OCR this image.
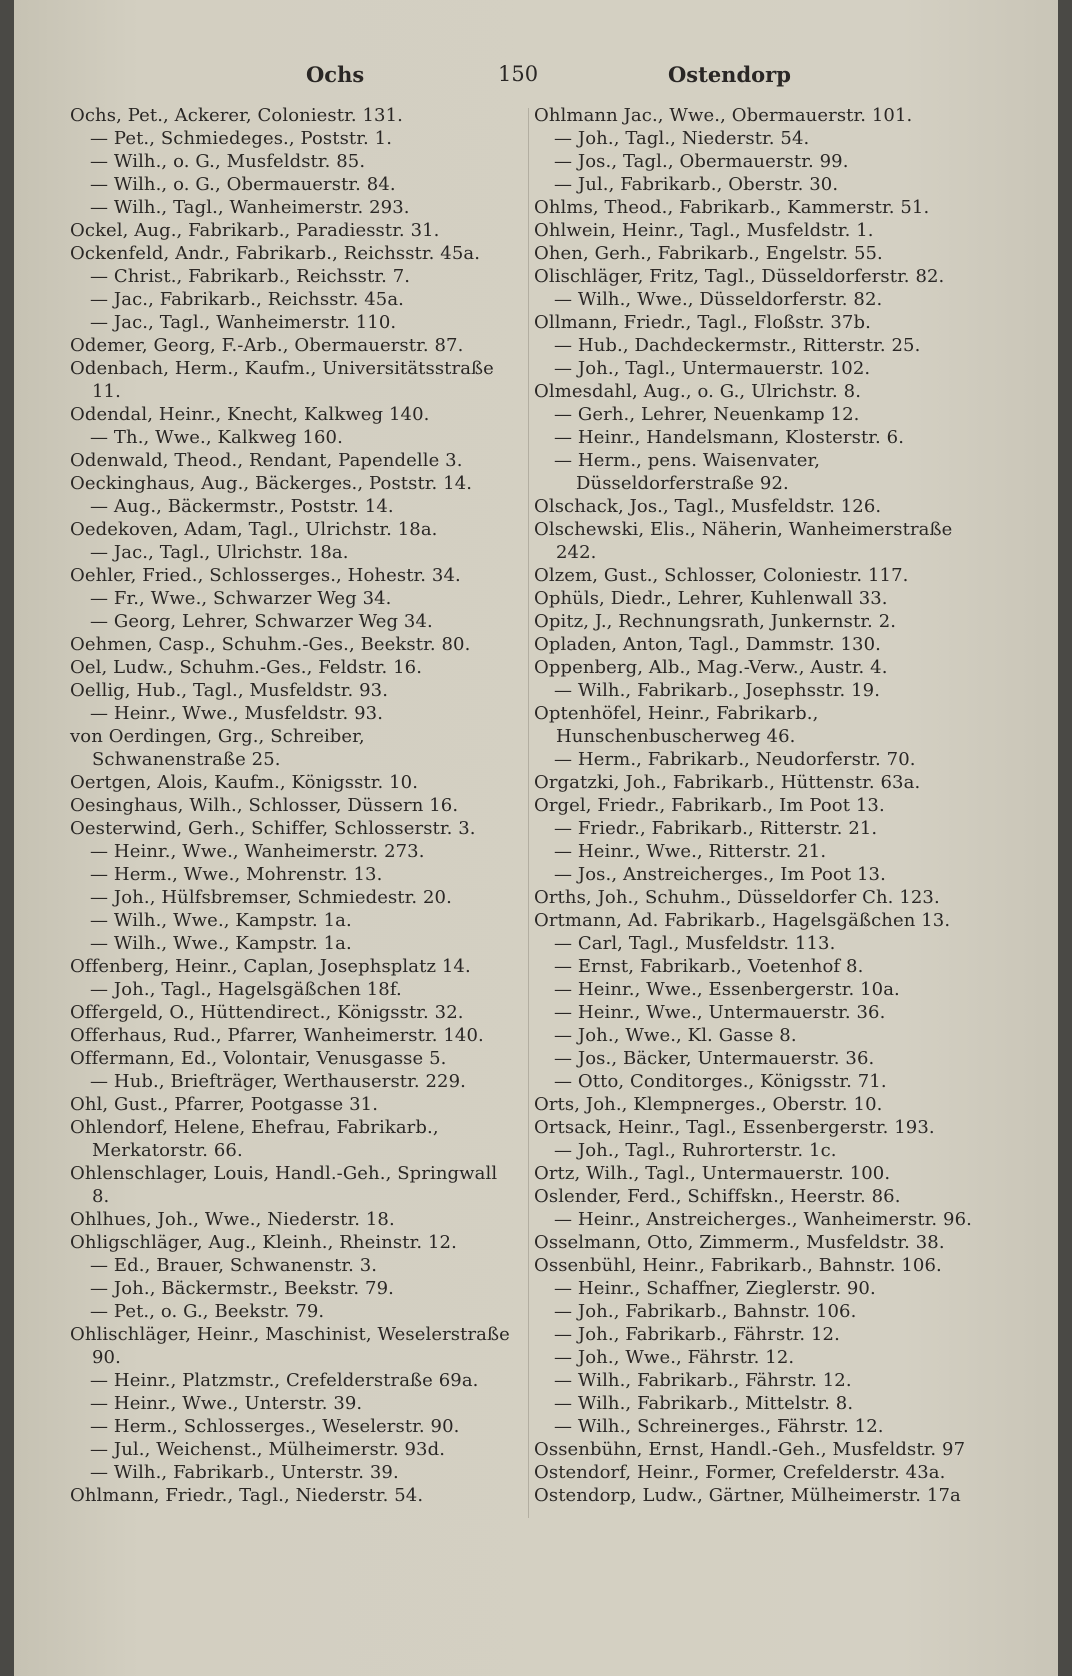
Ochs	150	Ostendorp
Ochs, Pet., Ackerer, Coloniestr. 131.
— Pet., Schmiedeges., Poststr. 1.
— Wilh., o. G., Musfeldstr. 85.
— Wilh., o. G., Obermauerstr. 84.
— Wilh., Tagl., Wanheimerstr. 293.
Ockel, Aug., Fabrikarb., Paradiesstr. 31.
Ockenfeld, Andr., Fabrikarb., Reichsstr. 45a.
— Christ., Fabrikarb., Reichsstr. 7.
— Jac., Fabrikarb., Reichsstr. 45a.
— Jac., Tagl., Wanheimerstr. 110.
Odemer, Georg, F.-Arb., Obermauerstr. 87.
Odenbach, Herm., Kaufm., Universitätsstraße 11.
Odendal, Heinr., Knecht, Kalkweg 140.
— Th., Wwe., Kalkweg 160.
Odenwald, Theod., Rendant, Papendelle 3.
Oeckinghaus, Aug., Bäckerges., Poststr. 14.
— Aug., Bäckermstr., Poststr. 14.
Oedekoven, Adam, Tagl., Ulrichstr. 18a.
— Jac., Tagl., Ulrichstr. 18a.
Oehler, Fried., Schlosserges., Hohestr. 34.
— Fr., Wwe., Schwarzer Weg 34.
— Georg, Lehrer, Schwarzer Weg 34.
Oehmen, Casp., Schuhm.-Ges., Beekstr. 80.
Oel, Ludw., Schuhm.-Ges., Feldstr. 16.
Oellig, Hub., Tagl., Musfeldstr. 93.
— Heinr., Wwe., Musfeldstr. 93.
von Oerdingen, Grg., Schreiber, Schwanenstraße 25.
Oertgen, Alois, Kaufm., Königsstr. 10.
Oesinghaus, Wilh., Schlosser, Düssern 16.
Oesterwind, Gerh., Schiffer, Schlosserstr. 3.
— Heinr., Wwe., Wanheimerstr. 273.
— Herm., Wwe., Mohrenstr. 13.
— Joh., Hülfsbremser, Schmiedestr. 20.
— Wilh., Wwe., Kampstr. 1a.
— Wilh., Wwe., Kampstr. 1a.
Offenberg, Heinr., Caplan, Josephsplatz 14.
— Joh., Tagl., Hagelsgäßchen 18f.
Offergeld, O., Hüttendirect., Königsstr. 32.
Offerhaus, Rud., Pfarrer, Wanheimerstr. 140.
Offermann, Ed., Volontair, Venusgasse 5.
— Hub., Briefträger, Werthauserstr. 229.
Ohl, Gust., Pfarrer, Pootgasse 31.
Ohlendorf, Helene, Ehefrau, Fabrikarb., Merkatorstr. 66.
Ohlenschlager, Louis, Handl.-Geh., Springwall 8.
Ohlhues, Joh., Wwe., Niederstr. 18.
Ohligschläger, Aug., Kleinh., Rheinstr. 12.
— Ed., Brauer, Schwanenstr. 3.
— Joh., Bäckermstr., Beekstr. 79.
— Pet., o. G., Beekstr. 79.
Ohlischläger, Heinr., Maschinist, Weselerstraße 90.
— Heinr., Platzmstr., Crefelderstraße 69a.
— Heinr., Wwe., Unterstr. 39.
— Herm., Schlosserges., Weselerstr. 90.
— Jul., Weichenst., Mülheimerstr. 93d.
— Wilh., Fabrikarb., Unterstr. 39.
Ohlmann, Friedr., Tagl., Niederstr. 54.
Ohlmann Jac., Wwe., Obermauerstr. 101.
— Joh., Tagl., Niederstr. 54.
— Jos., Tagl., Obermauerstr. 99.
— Jul., Fabrikarb., Oberstr. 30.
Ohlms, Theod., Fabrikarb., Kammerstr. 51.
Ohlwein, Heinr., Tagl., Musfeldstr. 1.
Ohen, Gerh., Fabrikarb., Engelstr. 55.
Olischläger, Fritz, Tagl., Düsseldorferstr. 82.
— Wilh., Wwe., Düsseldorferstr. 82.
Ollmann, Friedr., Tagl., Floßstr. 37b.
— Hub., Dachdeckermstr., Ritterstr. 25.
— Joh., Tagl., Untermauerstr. 102.
Olmesdahl, Aug., o. G., Ulrichstr. 8.
— Gerh., Lehrer, Neuenkamp 12.
— Heinr., Handelsmann, Klosterstr. 6.
— Herm., pens. Waisenvater, Düsseldorferstraße 92.
Olschack, Jos., Tagl., Musfeldstr. 126.
Olschewski, Elis., Näherin, Wanheimerstraße 242.
Olzem, Gust., Schlosser, Coloniestr. 117.
Ophüls, Diedr., Lehrer, Kuhlenwall 33.
Opitz, J., Rechnungsrath, Junkernstr. 2.
Opladen, Anton, Tagl., Dammstr. 130.
Oppenberg, Alb., Mag.-Verw., Austr. 4.
— Wilh., Fabrikarb., Josephsstr. 19.
Optenhöfel, Heinr., Fabrikarb., Hunschenbuscherweg 46.
— Herm., Fabrikarb., Neudorferstr. 70.
Orgatzki, Joh., Fabrikarb., Hüttenstr. 63a.
Orgel, Friedr., Fabrikarb., Im Poot 13.
— Friedr., Fabrikarb., Ritterstr. 21.
— Heinr., Wwe., Ritterstr. 21.
— Jos., Anstreicherges., Im Poot 13.
Orths, Joh., Schuhm., Düsseldorfer Ch. 123.
Ortmann, Ad. Fabrikarb., Hagelsgäßchen 13.
— Carl, Tagl., Musfeldstr. 113.
— Ernst, Fabrikarb., Voetenhof 8.
— Heinr., Wwe., Essenbergerstr. 10a.
— Heinr., Wwe., Untermauerstr. 36.
— Joh., Wwe., Kl. Gasse 8.
— Jos., Bäcker, Untermauerstr. 36.
— Otto, Conditorges., Königsstr. 71.
Orts, Joh., Klempnerges., Oberstr. 10.
Ortsack, Heinr., Tagl., Essenbergerstr. 193.
— Joh., Tagl., Ruhrorterstr. 1c.
Ortz, Wilh., Tagl., Untermauerstr. 100.
Oslender, Ferd., Schiffskn., Heerstr. 86.
— Heinr., Anstreicherges., Wanheimerstr. 96.
Osselmann, Otto, Zimmerm., Musfeldstr. 38.
Ossenbühl, Heinr., Fabrikarb., Bahnstr. 106.
— Heinr., Schaffner, Zieglerstr. 90.
— Joh., Fabrikarb., Bahnstr. 106.
— Joh., Fabrikarb., Fährstr. 12.
— Joh., Wwe., Fährstr. 12.
— Wilh., Fabrikarb., Fährstr. 12.
— Wilh., Fabrikarb., Mittelstr. 8.
— Wilh., Schreinerges., Fährstr. 12.
Ossenbühn, Ernst, Handl.-Geh., Musfeldstr. 97
Ostendorf, Heinr., Former, Crefelderstr. 43a.
Ostendorp, Ludw., Gärtner, Mülheimerstr. 17a
